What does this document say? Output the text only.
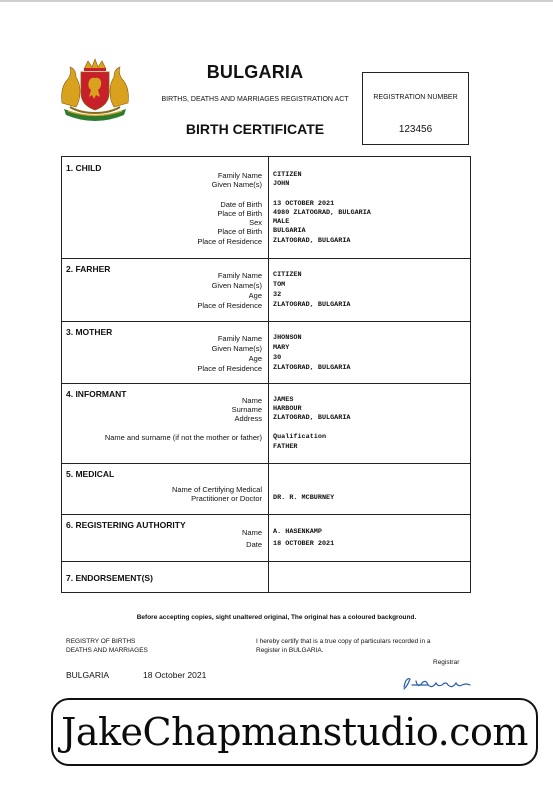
BULGARIA
BIRTHS, DEATHS AND MARRIAGES REGISTRATION ACT
BIRTH CERTIFICATE
REGISTRATION NUMBER
123456
1. CHILD
Family Name CITIZEN
Given Name(s) JOHN
Date of Birth 13 OCTOBER 2021
Place of Birth 4980 ZLATOGRAD, BULGARIA
Sex MALE
Place of Birth BULGARIA
Place of Residence ZLATOGRAD, BULGARIA
2. FARHER
Family Name CITIZEN
Given Name(s) TOM
Age 32
Place of Residence ZLATOGRAD, BULGARIA
3. MOTHER
Family Name JHONSON
Given Name(s) MARY
Age 30
Place of Residence ZLATOGRAD, BULGARIA
4. INFORMANT
Name JAMES
Surname HARBOUR
Address ZLATOGRAD, BULGARIA
Name and surname (if not the mother or father) Qualification
FATHER
5. MEDICAL
Name of Certifying Medical
Practitioner or Doctor DR. R. MCBURNEY
6. REGISTERING AUTHORITY
Name A. HASENKAMP
Date 18 OCTOBER 2021
7. ENDORSEMENT(S)
Before accepting copies, sight unaltered original, The original has a coloured background.
REGISTRY OF BIRTHS
DEATHS AND MARRIAGES
I hereby certify that is a true copy of particulars recorded in a
Register in BULGARIA.
Registrar
BULGARIA	18 October 2021
JakeChapmanstudio.com
